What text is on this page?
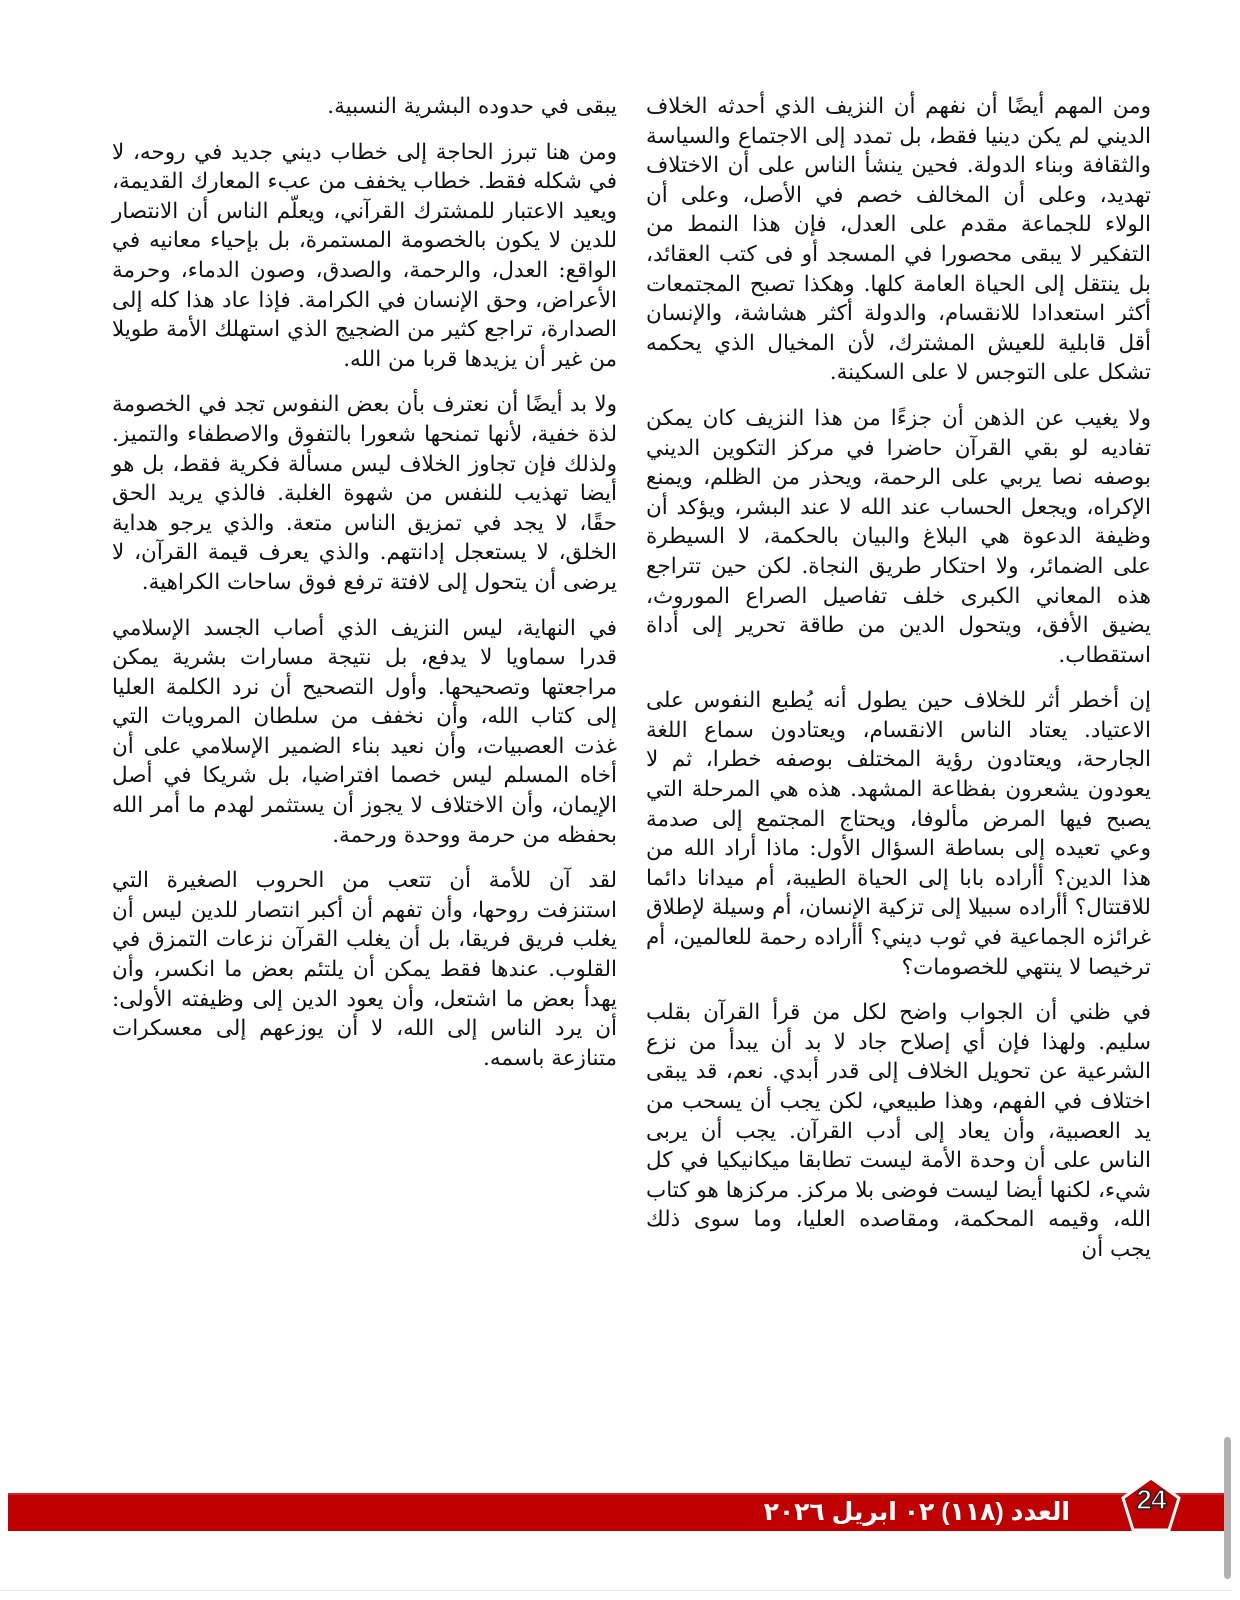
ومن المهم أيضًا أن نفهم أن النزيف الذي أحدثه الخلاف الديني لم يكن دينيا فقط، بل تمدد إلى الاجتماع والسياسة والثقافة وبناء الدولة. فحين ينشأ الناس على أن الاختلاف تهديد، وعلى أن المخالف خصم في الأصل، وعلى أن الولاء للجماعة مقدم على العدل، فإن هذا النمط من التفكير لا يبقى محصورا في المسجد أو فى كتب العقائد، بل ينتقل إلى الحياة العامة كلها. وهكذا تصبح المجتمعات أكثر استعدادا للانقسام، والدولة أكثر هشاشة، والإنسان أقل قابلية للعيش المشترك، لأن المخيال الذي يحكمه تشكل على التوجس لا على السكينة.

ولا يغيب عن الذهن أن جزءًا من هذا النزيف كان يمكن تفاديه لو بقي القرآن حاضرا في مركز التكوين الديني بوصفه نصا يربي على الرحمة، ويحذر من الظلم، ويمنع الإكراه، ويجعل الحساب عند الله لا عند البشر، ويؤكد أن وظيفة الدعوة هي البلاغ والبيان بالحكمة، لا السيطرة على الضمائر، ولا احتكار طريق النجاة. لكن حين تتراجع هذه المعاني الكبرى خلف تفاصيل الصراع الموروث، يضيق الأفق، ويتحول الدين من طاقة تحرير إلى أداة استقطاب.

إن أخطر أثر للخلاف حين يطول أنه يُطبع النفوس على الاعتياد. يعتاد الناس الانقسام، ويعتادون سماع اللغة الجارحة، ويعتادون رؤية المختلف بوصفه خطرا، ثم لا يعودون يشعرون بفظاعة المشهد. هذه هي المرحلة التي يصبح فيها المرض مألوفا، ويحتاج المجتمع إلى صدمة وعي تعيده إلى بساطة السؤال الأول: ماذا أراد الله من هذا الدين؟ أأراده بابا إلى الحياة الطيبة، أم ميدانا دائما للاقتتال؟ أأراده سبيلا إلى تزكية الإنسان، أم وسيلة لإطلاق غرائزه الجماعية في ثوب ديني؟ أأراده رحمة للعالمين، أم ترخيصا لا ينتهي للخصومات؟

في ظني أن الجواب واضح لكل من قرأ القرآن بقلب سليم. ولهذا فإن أي إصلاح جاد لا بد أن يبدأ من نزع الشرعية عن تحويل الخلاف إلى قدر أبدي. نعم، قد يبقى اختلاف في الفهم، وهذا طبيعي، لكن يجب أن يسحب من يد العصبية، وأن يعاد إلى أدب القرآن. يجب أن يربى الناس على أن وحدة الأمة ليست تطابقا ميكانيكيا في كل شيء، لكنها أيضا ليست فوضى بلا مركز. مركزها هو كتاب الله، وقيمه المحكمة، ومقاصده العليا، وما سوى ذلك يجب أن

يبقى في حدوده البشرية النسبية.

ومن هنا تبرز الحاجة إلى خطاب ديني جديد في روحه، لا في شكله فقط. خطاب يخفف من عبء المعارك القديمة، ويعيد الاعتبار للمشترك القرآني، ويعلّم الناس أن الانتصار للدين لا يكون بالخصومة المستمرة، بل بإحياء معانيه في الواقع: العدل، والرحمة، والصدق، وصون الدماء، وحرمة الأعراض، وحق الإنسان في الكرامة. فإذا عاد هذا كله إلى الصدارة، تراجع كثير من الضجيج الذي استهلك الأمة طويلا من غير أن يزيدها قربا من الله.

ولا بد أيضًا أن نعترف بأن بعض النفوس تجد في الخصومة لذة خفية، لأنها تمنحها شعورا بالتفوق والاصطفاء والتميز. ولذلك فإن تجاوز الخلاف ليس مسألة فكرية فقط، بل هو أيضا تهذيب للنفس من شهوة الغلبة. فالذي يريد الحق حقًا، لا يجد في تمزيق الناس متعة. والذي يرجو هداية الخلق، لا يستعجل إدانتهم. والذي يعرف قيمة القرآن، لا يرضى أن يتحول إلى لافتة ترفع فوق ساحات الكراهية.

في النهاية، ليس النزيف الذي أصاب الجسد الإسلامي قدرا سماويا لا يدفع، بل نتيجة مسارات بشرية يمكن مراجعتها وتصحيحها. وأول التصحيح أن نرد الكلمة العليا إلى كتاب الله، وأن نخفف من سلطان المرويات التي غذت العصبيات، وأن نعيد بناء الضمير الإسلامي على أن أخاه المسلم ليس خصما افتراضيا، بل شريكا في أصل الإيمان، وأن الاختلاف لا يجوز أن يستثمر لهدم ما أمر الله بحفظه من حرمة ووحدة ورحمة.

لقد آن للأمة أن تتعب من الحروب الصغيرة التي استنزفت روحها، وأن تفهم أن أكبر انتصار للدين ليس أن يغلب فريق فريقا، بل أن يغلب القرآن نزعات التمزق في القلوب. عندها فقط يمكن أن يلتئم بعض ما انكسر، وأن يهدأ بعض ما اشتعل، وأن يعود الدين إلى وظيفته الأولى: أن يرد الناس إلى الله، لا أن يوزعهم إلى معسكرات متنازعة باسمه.

العدد (١١٨) ٠٢ ابريل ٢٠٢٦	24
